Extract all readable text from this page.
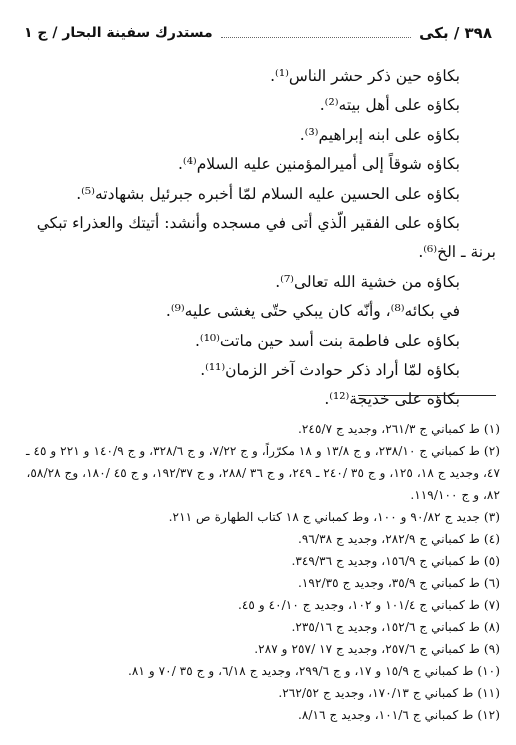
٣٩٨ / بكى
مستدرك سفينة البحار / ج ١

بكاؤه حين ذكر حشر الناس⁽¹⁾.

بكاؤه على أهل بيته⁽²⁾.

بكاؤه على ابنه إبراهيم⁽³⁾.

بكاؤه شوقاً إلى أميرالمؤمنين عليه السلام⁽⁴⁾.

بكاؤه على الحسين عليه السلام لمّا أخبره جبرئيل بشهادته⁽⁵⁾.

بكاؤه على الفقير الّذي أتى في مسجده وأنشد: أتيتك والعذراء تبكي برنة ـ الخ⁽⁶⁾.

بكاؤه من خشية الله تعالى⁽⁷⁾.

في بكائه⁽⁸⁾، وأنّه كان يبكي حتّى يغشى عليه⁽⁹⁾.

بكاؤه على فاطمة بنت أسد حين ماتت⁽¹⁰⁾.

بكاؤه لمّا أراد ذكر حوادث آخر الزمان⁽¹¹⁾.

بكاؤه على خديجة⁽¹²⁾.

(١) ط كمباني ج ٢٦١/٣، وجديد ج ٢٤٥/٧.

(٢) ط كمباني ج ٢٣٨/١٠، و ج ١٣/٨ و ١٨ مكرّراً، و ج ٧/٢٢، و ج ٣٢٨/٦، و ج ١٤٠/٩ و ٢٢١ و ٤٥ ـ ٤٧، وجديد ج ١٨، ١٢٥، و ج ٣٥ /٢٤٠ ـ ٢٤٩، و ج ٣٦ /٢٨٨، و ج ١٩٢/٣٧، و ج ٤٥ /١٨٠، وج ٥٨/٢٨، ٨٢، و ج ١١٩/١٠٠.

(٣) جديد ج ٩٠/٨٢ و ١٠٠، وط كمباني ج ١٨ كتاب الطهارة ص ٢١١.

(٤) ط كمباني ج ٢٨٢/٩، وجديد ج ٩٦/٣٨.

(٥) ط كمباني ج ١٥٦/٩، وجديد ج ٣٤٩/٣٦.

(٦) ط كمباني ج ٣٥/٩، وجديد ج ١٩٢/٣٥.

(٧) ط كمباني ج ١٠١/٤ و ١٠٢، وجديد ج ٤٠/١٠ و ٤٥.

(٨) ط كمباني ج ١٥٢/٦، وجديد ج ٢٣٥/١٦.

(٩) ط كمباني ج ٢٥٧/٦، وجديد ج ١٧ /٢٥٧ و ٢٨٧.

(١٠) ط كمباني ج ١٥/٩ و ١٧، و ج ٢٩٩/٦، وجديد ج ٦/١٨، و ج ٣٥ /٧٠ و ٨١.

(١١) ط كمباني ج ١٧٠/١٣، وجديد ج ٢٦٢/٥٢.

(١٢) ط كمباني ج ١٠١/٦، وجديد ج ٨/١٦.
